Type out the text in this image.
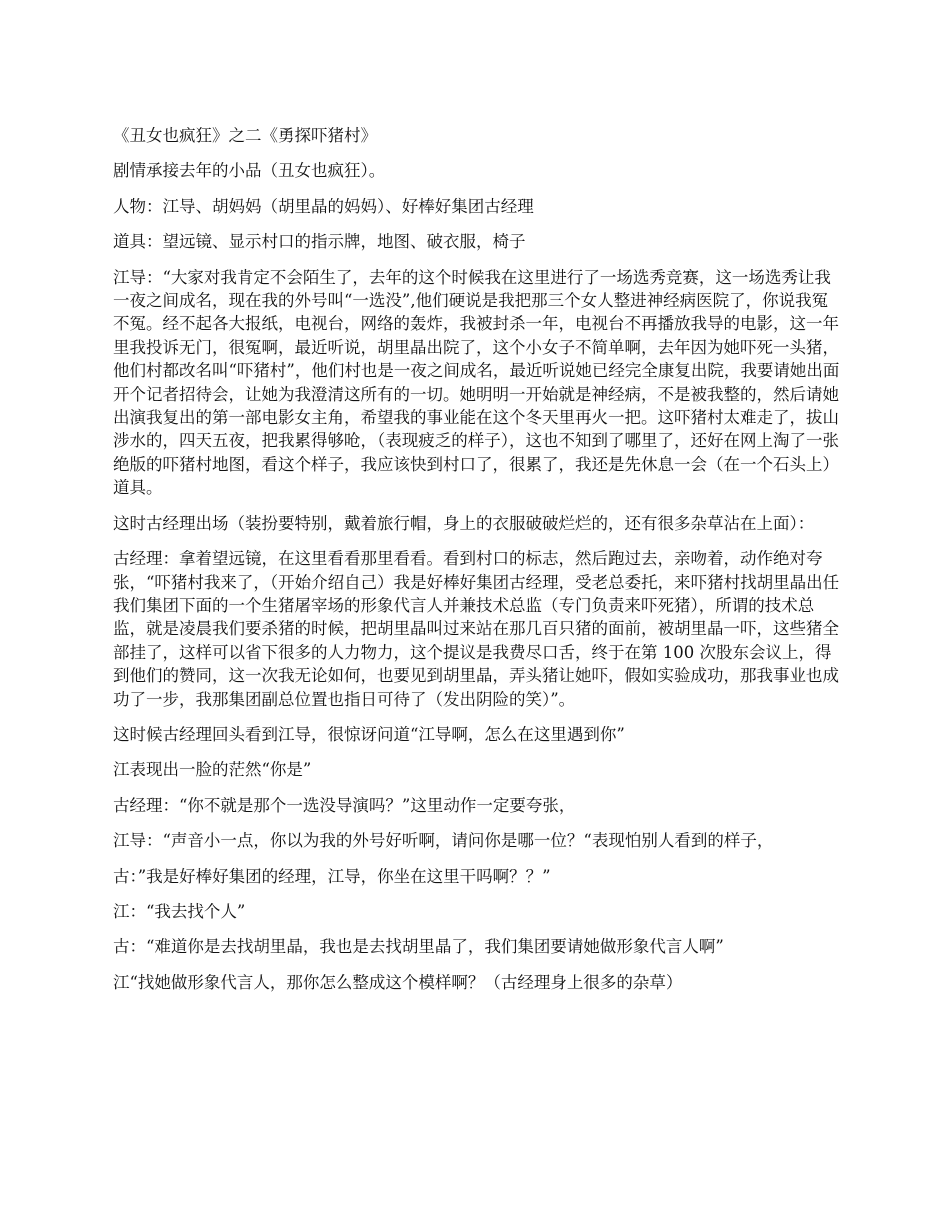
《丑女也疯狂》之二《勇探吓猪村》

剧情承接去年的小品（丑女也疯狂）。

人物：江导、胡妈妈（胡里晶的妈妈）、好棒好集团古经理

道具：望远镜、显示村口的指示牌，地图、破衣服，椅子

江导：“大家对我肯定不会陌生了，去年的这个时候我在这里进行了一场选秀竞赛，这一场选秀让我一夜之间成名，现在我的外号叫“一选没”,他们硬说是我把那三个女人整进神经病医院了，你说我冤不冤。经不起各大报纸，电视台，网络的轰炸，我被封杀一年，电视台不再播放我导的电影，这一年里我投诉无门，很冤啊，最近听说，胡里晶出院了，这个小女子不简单啊，去年因为她吓死一头猪，他们村都改名叫“吓猪村”，他们村也是一夜之间成名，最近听说她已经完全康复出院，我要请她出面开个记者招待会，让她为我澄清这所有的一切。她明明一开始就是神经病，不是被我整的，然后请她出演我复出的第一部电影女主角，希望我的事业能在这个冬天里再火一把。这吓猪村太难走了，拔山涉水的，四天五夜，把我累得够呛，（表现疲乏的样子），这也不知到了哪里了，还好在网上淘了一张绝版的吓猪村地图，看这个样子，我应该快到村口了，很累了，我还是先休息一会（在一个石头上）道具。

这时古经理出场（装扮要特别，戴着旅行帽，身上的衣服破破烂烂的，还有很多杂草沾在上面）：

古经理：拿着望远镜，在这里看看那里看看。看到村口的标志，然后跑过去，亲吻着，动作绝对夸张，“吓猪村我来了，（开始介绍自己）我是好棒好集团古经理，受老总委托，来吓猪村找胡里晶出任我们集团下面的一个生猪屠宰场的形象代言人并兼技术总监（专门负责来吓死猪），所谓的技术总监，就是凌晨我们要杀猪的时候，把胡里晶叫过来站在那几百只猪的面前，被胡里晶一吓，这些猪全部挂了，这样可以省下很多的人力物力，这个提议是我费尽口舌，终于在第 100 次股东会议上，得到他们的赞同，这一次我无论如何，也要见到胡里晶，弄头猪让她吓，假如实验成功，那我事业也成功了一步，我那集团副总位置也指日可待了（发出阴险的笑）”。

这时候古经理回头看到江导，很惊讶问道“江导啊，怎么在这里遇到你”

江表现出一脸的茫然“你是”

古经理：“你不就是那个一选没导演吗？”这里动作一定要夸张，

江导：“声音小一点，你以为我的外号好听啊，请问你是哪一位？“表现怕别人看到的样子，

古：”我是好棒好集团的经理，江导，你坐在这里干吗啊？？”

江：“我去找个人”

古：“难道你是去找胡里晶，我也是去找胡里晶了，我们集团要请她做形象代言人啊”

江“找她做形象代言人，那你怎么整成这个模样啊？（古经理身上很多的杂草）
